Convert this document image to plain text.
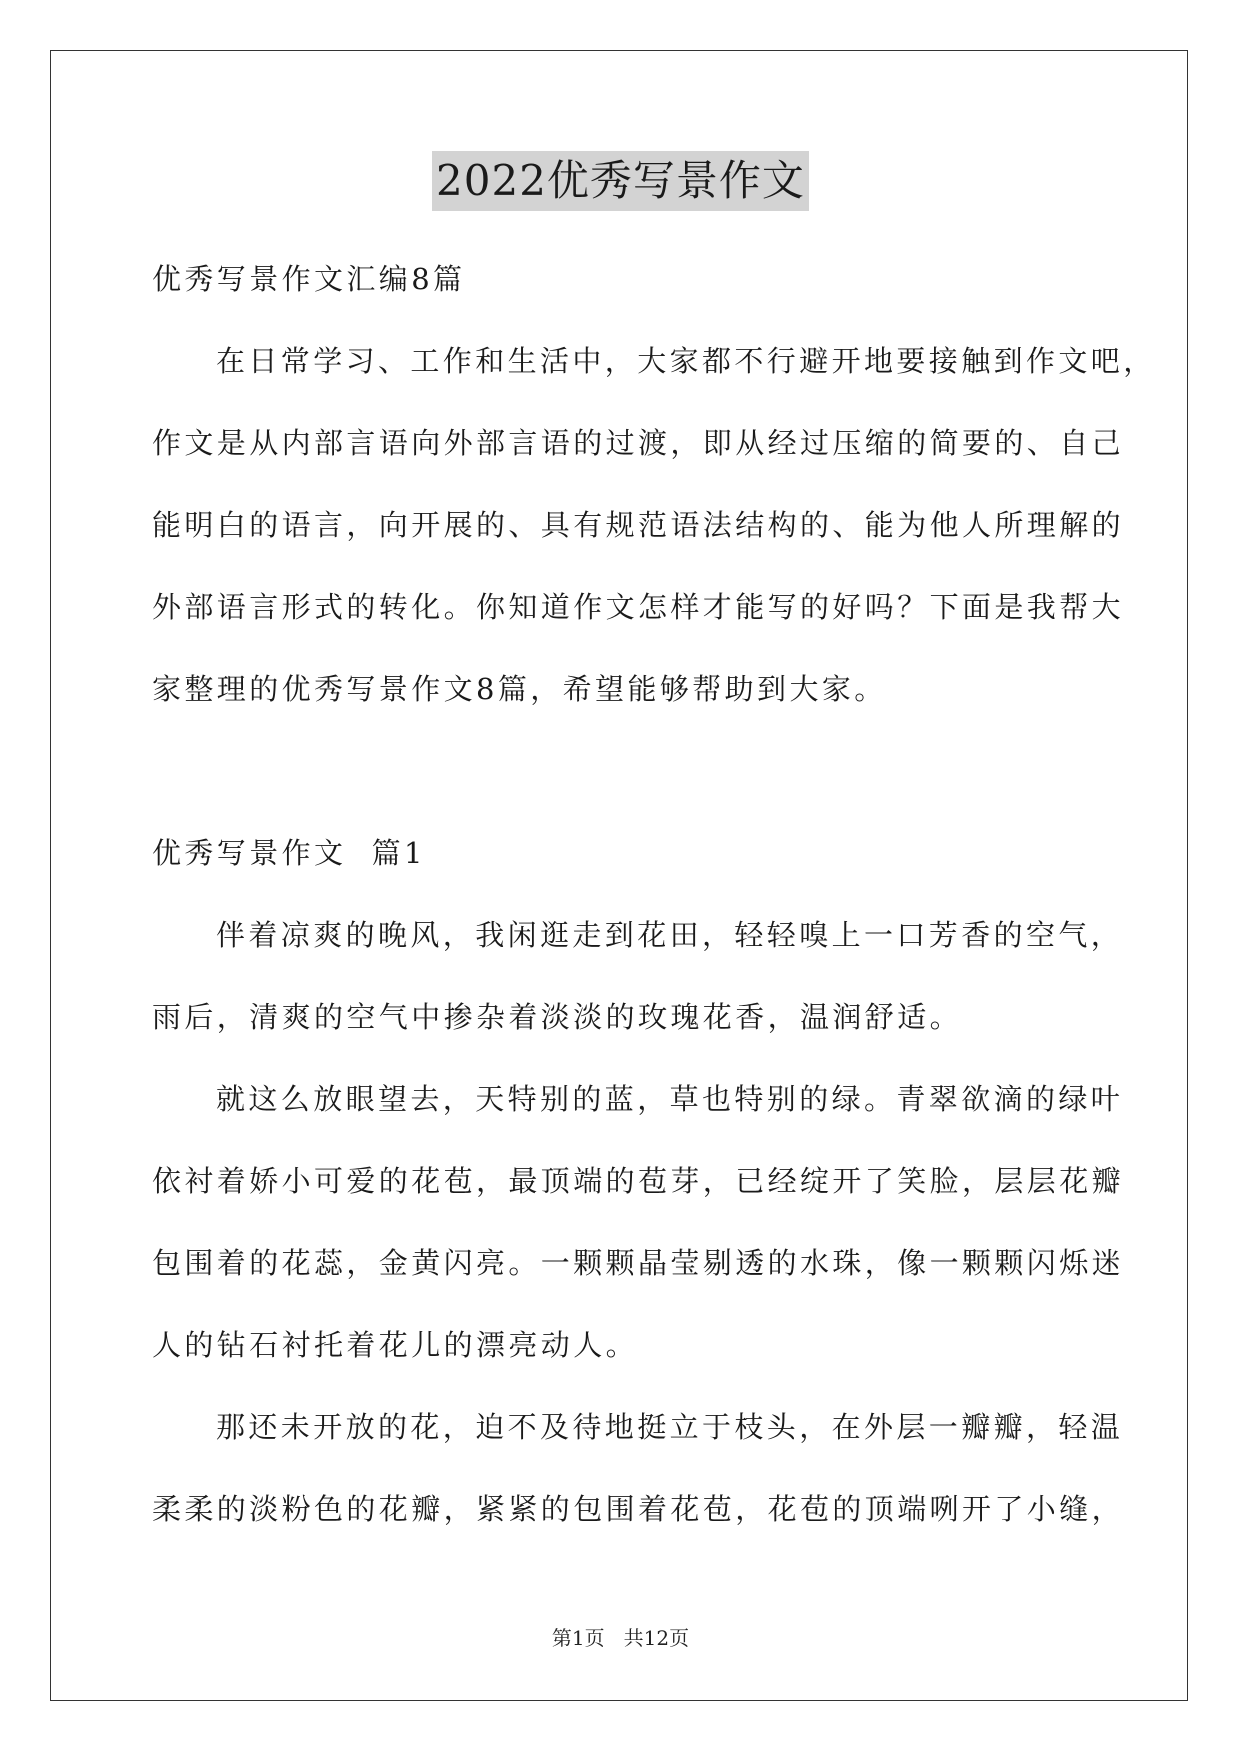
2022优秀写景作文
优秀写景作文汇编8篇
在日常学习、工作和生活中，大家都不行避开地要接触到作文吧，
作文是从内部言语向外部言语的过渡，即从经过压缩的简要的、自己
能明白的语言，向开展的、具有规范语法结构的、能为他人所理解的
外部语言形式的转化。你知道作文怎样才能写的好吗？下面是我帮大
家整理的优秀写景作文8篇，希望能够帮助到大家。
优秀写景作文  篇1
伴着凉爽的晚风，我闲逛走到花田，轻轻嗅上一口芳香的空气，
雨后，清爽的空气中掺杂着淡淡的玫瑰花香，温润舒适。
就这么放眼望去，天特别的蓝，草也特别的绿。青翠欲滴的绿叶
依衬着娇小可爱的花苞，最顶端的苞芽，已经绽开了笑脸，层层花瓣
包围着的花蕊，金黄闪亮。一颗颗晶莹剔透的水珠，像一颗颗闪烁迷
人的钻石衬托着花儿的漂亮动人。
那还未开放的花，迫不及待地挺立于枝头，在外层一瓣瓣，轻温
柔柔的淡粉色的花瓣，紧紧的包围着花苞，花苞的顶端咧开了小缝，
第1页   共12页
